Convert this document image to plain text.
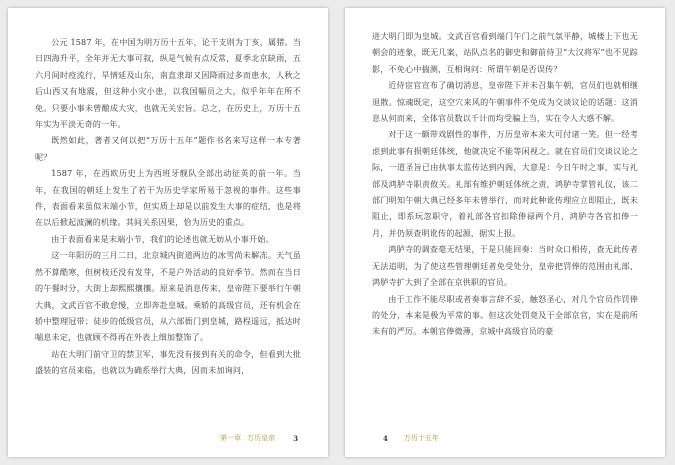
公元 1587 年，在中国为明万历十五年，论干支则为丁亥，属猪。当日四海升平，全年并无大事可叙，纵是气候有点反常，夏季北京缺雨，五六月间时疫流行，旱情延及山东，南直隶却又因降雨过多而患水，人秋之后山西又有地震，但这种小灾小患，以我国幅员之大，似乎年年在所不免。只要小事未曾酿成大灾，也就无关宏旨。总之，在历史上，万历十五年实为平淡无奇的一年。

既然如此，著者又何以把“万历十五年”题作书名来写这样一本专著呢？

1587 年，在西欧历史上为西班牙舰队全部出动征英的前一年。当年，在我国的朝廷上发生了若干为历史学家所易于忽视的事件。这些事件，表面看来虽似末端小节，但实质上却是以前发生大事的症结，也是将在以后掀起波澜的机缘。其间关系因果，恰为历史的重点。

由于表面看来是末端小节，我们的论述也就无妨从小事开始。

这一年阳历的三月二日，北京城内街道两边的冰雪尚未解冻。天气虽然不算酷寒，但树枝还没有发芽，不是户外活动的良好季节。然而在当日的午餐时分，大街上却熙熙攘攘。原来是消息传来，皇帝陛下要举行午朝大典，文武百官不敢怠慢，立即奔赴皇城。乘轿的高级官员，还有机会在轿中整理冠带；徒步的低级官员，从六部衙门到皇城，路程遥远，抵达时喘息未定，也就顾不得再在外表上细加整饰了。

站在大明门前守卫的禁卫军，事先没有接到有关的命令，但看到大批盛装的官员来临，也就以为确系举行大典，因而未加询问，

第一章 万历皇帝	3

进大明门即为皇城。文武百官看到端门午门之前气氛平静，城楼上下也无朝会的迹象，既无几案，站队点名的御史和御前侍卫“大汉将军”也不见踪影，不免心中揣测，互相询问：所谓午朝是否误传？

近侍宦官宣布了确切消息，皇帝陛下并未召集午朝，官员们也就相继退散。惊魂既定，这空穴来风的午朝事件不免成为交谈议论的话题：这消息从何而来，全体官员数以千计而均受骗上当，实在令人大惑不解。

对于这一颇带戏剧性的事件，万历皇帝本来大可付诸一笑。但一经考虑到此事有损朝廷体统，他就决定不能等闲视之。就在官员们交谈议论之际，一道圣旨已由执事太监传达到内阁，大意是：今日午时之事，实与礼部及鸿胪寺职责攸关。礼部有维护朝廷体统之责，鸿胪寺掌管礼仪，该二部门明知午朝大典已经多年未曾举行，而对此种讹传理应立即阻止，既未阻止，即系玩忽职守，着礼部各官扣除俸禄两个月，鸿胪寺各官扣俸一月，并仍须查明讹传的起源，据实上报。

鸿胪寺的调查毫无结果，于是只能回奏：当时众口相传，查无此传者无法追明，为了使这些管理朝廷者免受处分，皇帝把罚俸的范围由礼部、鸿胪寺扩大到了全部在京供职的官员。

由于工作不能尽职或者奏事言辞不妥，触怒圣心，对几个官员作罚俸的处分，本来是极为平常的事。但这次处罚竟及于全部京官，实在是前所未有的严厉。本朝官俸微薄，京城中高级官员的豪

4 万历十五年
